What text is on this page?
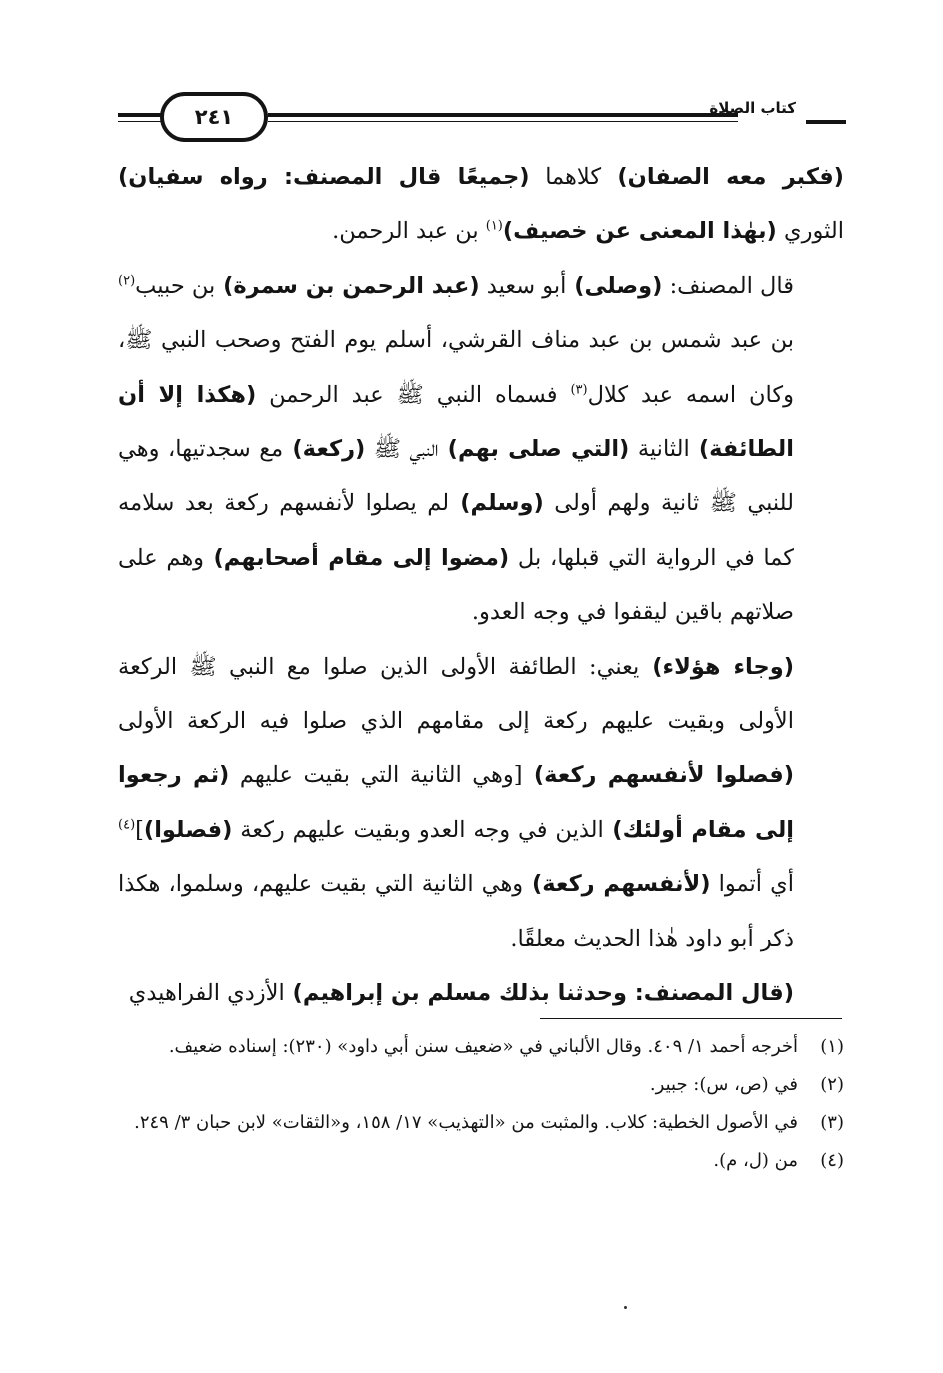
٢٤١	كتاب الصلاة

(فكبر معه الصفان) كلاهما (جميعًا قال المصنف: رواه سفيان) الثوري (بهٰذا المعنى عن خصيف)$^{(١)}$ بن عبد الرحمن.

قال المصنف: (وصلى) أبو سعيد (عبد الرحمن بن سمرة) بن حبيب$^{(٢)}$ بن عبد شمس بن عبد مناف القرشي، أسلم يوم الفتح وصحب النبي ﷺ، وكان اسمه عبد كلال$^{(٣)}$ فسماه النبي ﷺ عبد الرحمن (هكذا إلا أن الطائفة) الثانية (التي صلى بهم) النبي ﷺ (ركعة) مع سجدتيها، وهي للنبي ﷺ ثانية ولهم أولى (وسلم) لم يصلوا لأنفسهم ركعة بعد سلامه كما في الرواية التي قبلها، بل (مضوا إلى مقام أصحابهم) وهم على صلاتهم باقين ليقفوا في وجه العدو.

(وجاء هؤلاء) يعني: الطائفة الأولى الذين صلوا مع النبي ﷺ الركعة الأولى وبقيت عليهم ركعة إلى مقامهم الذي صلوا فيه الركعة الأولى (فصلوا لأنفسهم ركعة) [وهي الثانية التي بقيت عليهم (ثم رجعوا إلى مقام أولئك) الذين في وجه العدو وبقيت عليهم ركعة (فصلوا)]$^{(٤)}$ أي أتموا (لأنفسهم ركعة) وهي الثانية التي بقيت عليهم، وسلموا، هكذا ذكر أبو داود هٰذا الحديث معلقًا.

(قال المصنف: وحدثنا بذلك مسلم بن إبراهيم) الأزدي الفراهيدي

(١)
أخرجه أحمد ١/ ٤٠٩. وقال الألباني في «ضعيف سنن أبي داود» (٢٣٠): إسناده ضعيف.
(٢)
في (ص، س): جبير.
(٣)
في الأصول الخطية: كلاب. والمثبت من «التهذيب» ١٧/ ١٥٨، و«الثقات» لابن حبان ٣/ ٢٤٩.
(٤)
من (ل، م).
